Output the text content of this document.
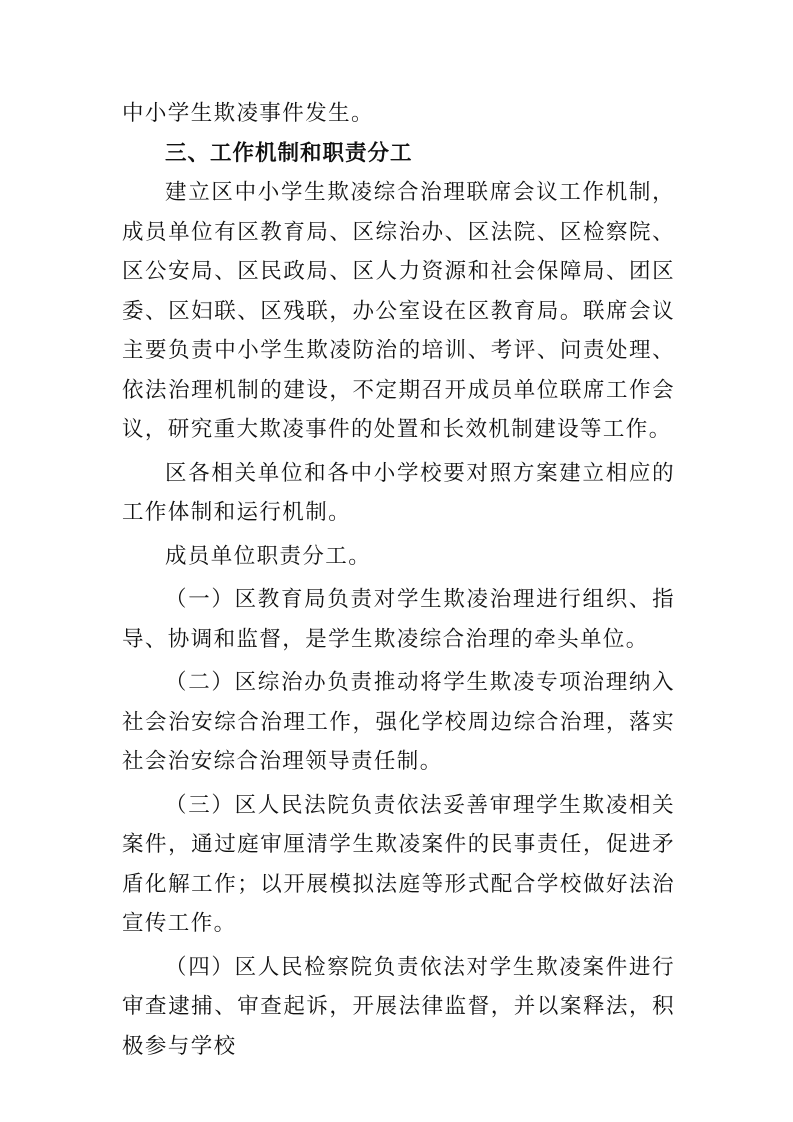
中小学生欺凌事件发生。

三、工作机制和职责分工

建立区中小学生欺凌综合治理联席会议工作机制，成员单位有区教育局、区综治办、区法院、区检察院、区公安局、区民政局、区人力资源和社会保障局、团区委、区妇联、区残联，办公室设在区教育局。联席会议主要负责中小学生欺凌防治的培训、考评、问责处理、依法治理机制的建设，不定期召开成员单位联席工作会议，研究重大欺凌事件的处置和长效机制建设等工作。

区各相关单位和各中小学校要对照方案建立相应的工作体制和运行机制。

成员单位职责分工。

（一）区教育局负责对学生欺凌治理进行组织、指导、协调和监督，是学生欺凌综合治理的牵头单位。

（二）区综治办负责推动将学生欺凌专项治理纳入社会治安综合治理工作，强化学校周边综合治理，落实社会治安综合治理领导责任制。

（三）区人民法院负责依法妥善审理学生欺凌相关案件，通过庭审厘清学生欺凌案件的民事责任，促进矛盾化解工作；以开展模拟法庭等形式配合学校做好法治宣传工作。

（四）区人民检察院负责依法对学生欺凌案件进行审查逮捕、审查起诉，开展法律监督，并以案释法，积极参与学校
